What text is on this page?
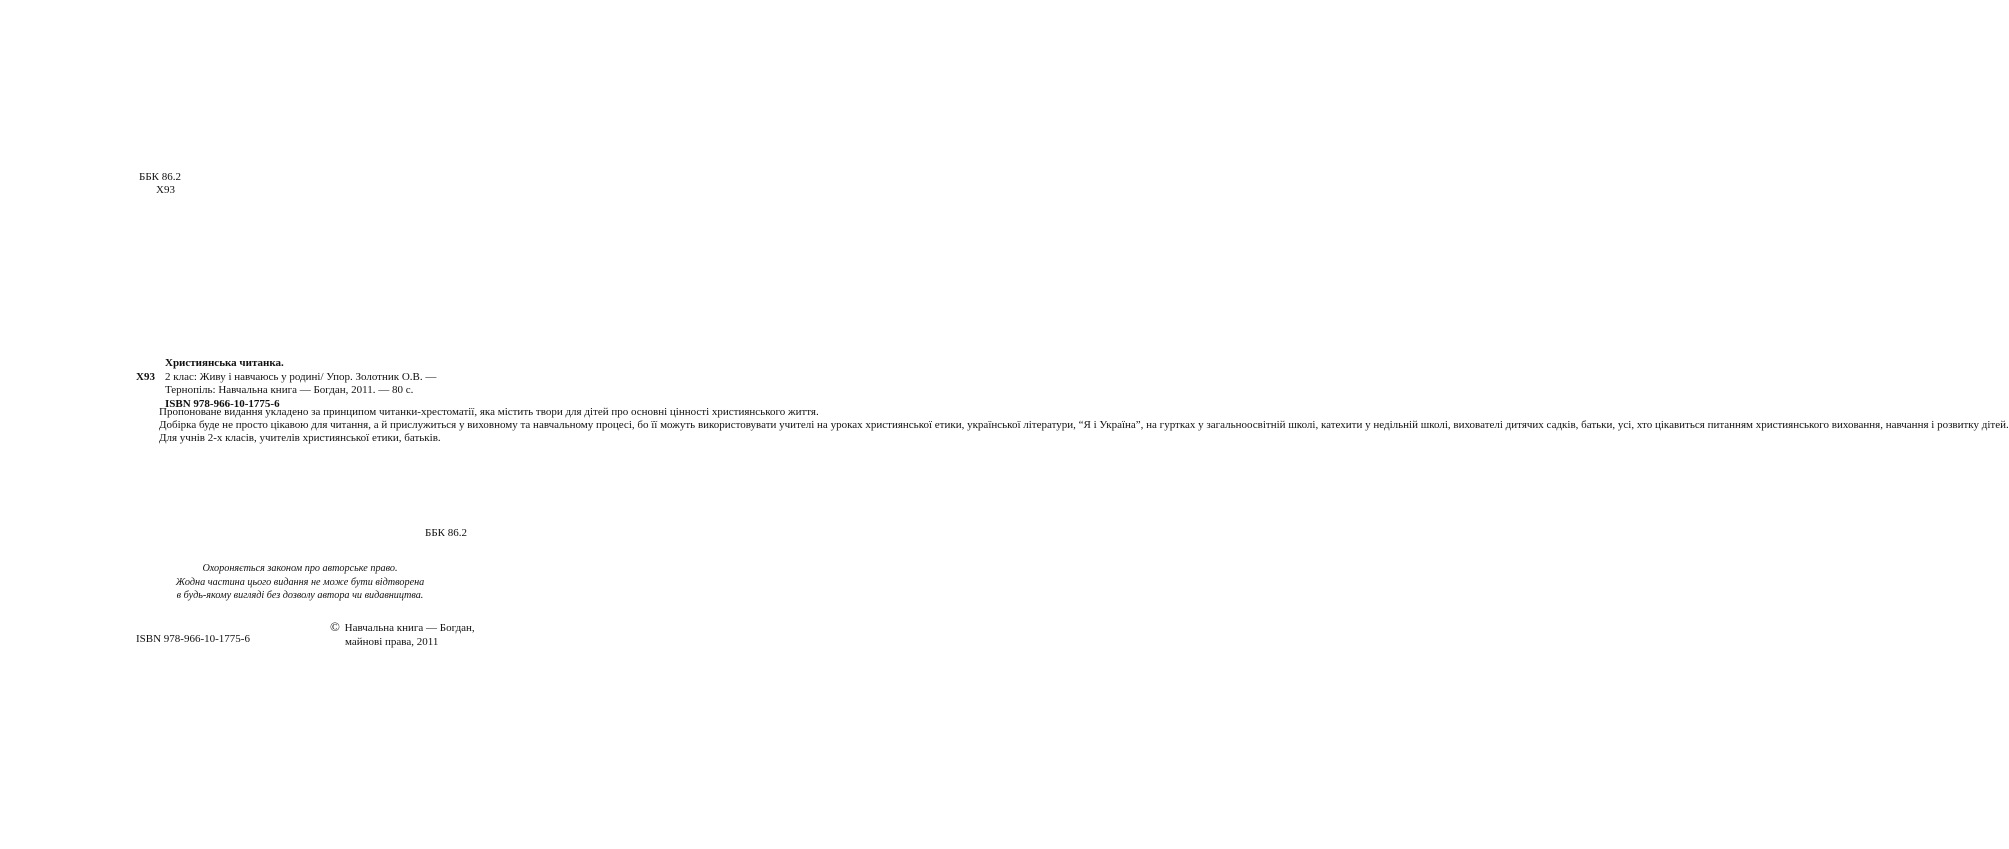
ББК 86.2
Х93
Християнська читанка.
Х93 2 клас: Живу і навчаюсь у родині/ Упор. Золотник О.В. —
Тернопіль: Навчальна книга — Богдан, 2011. — 80 с.
ISBN 978-966-10-1775-6

Пропоноване видання укладено за принципом читанки-хрестоматії, яка містить твори для дітей про основні цінності християнського життя.

Добірка буде не просто цікавою для читання, а й прислужиться у виховному та навчальному процесі, бо її можуть використовувати учителі на уроках християнської етики, української літератури, “Я і Україна”, на гуртках у загальноосвітній школі, катехити у недільній школі, вихователі дитячих садків, батьки, усі, хто цікавиться питанням християнського виховання, навчання і розвитку дітей.

Для учнів 2-х класів, учителів християнської етики, батьків.

ББК 86.2
Охороняється законом про авторське право.
Жодна частина цього видання не може бути відтворена
в будь-якому вигляді без дозволу автора чи видавництва.
ISBN 978-966-10-1775-6
© Навчальна книга — Богдан,
майнові права, 2011
